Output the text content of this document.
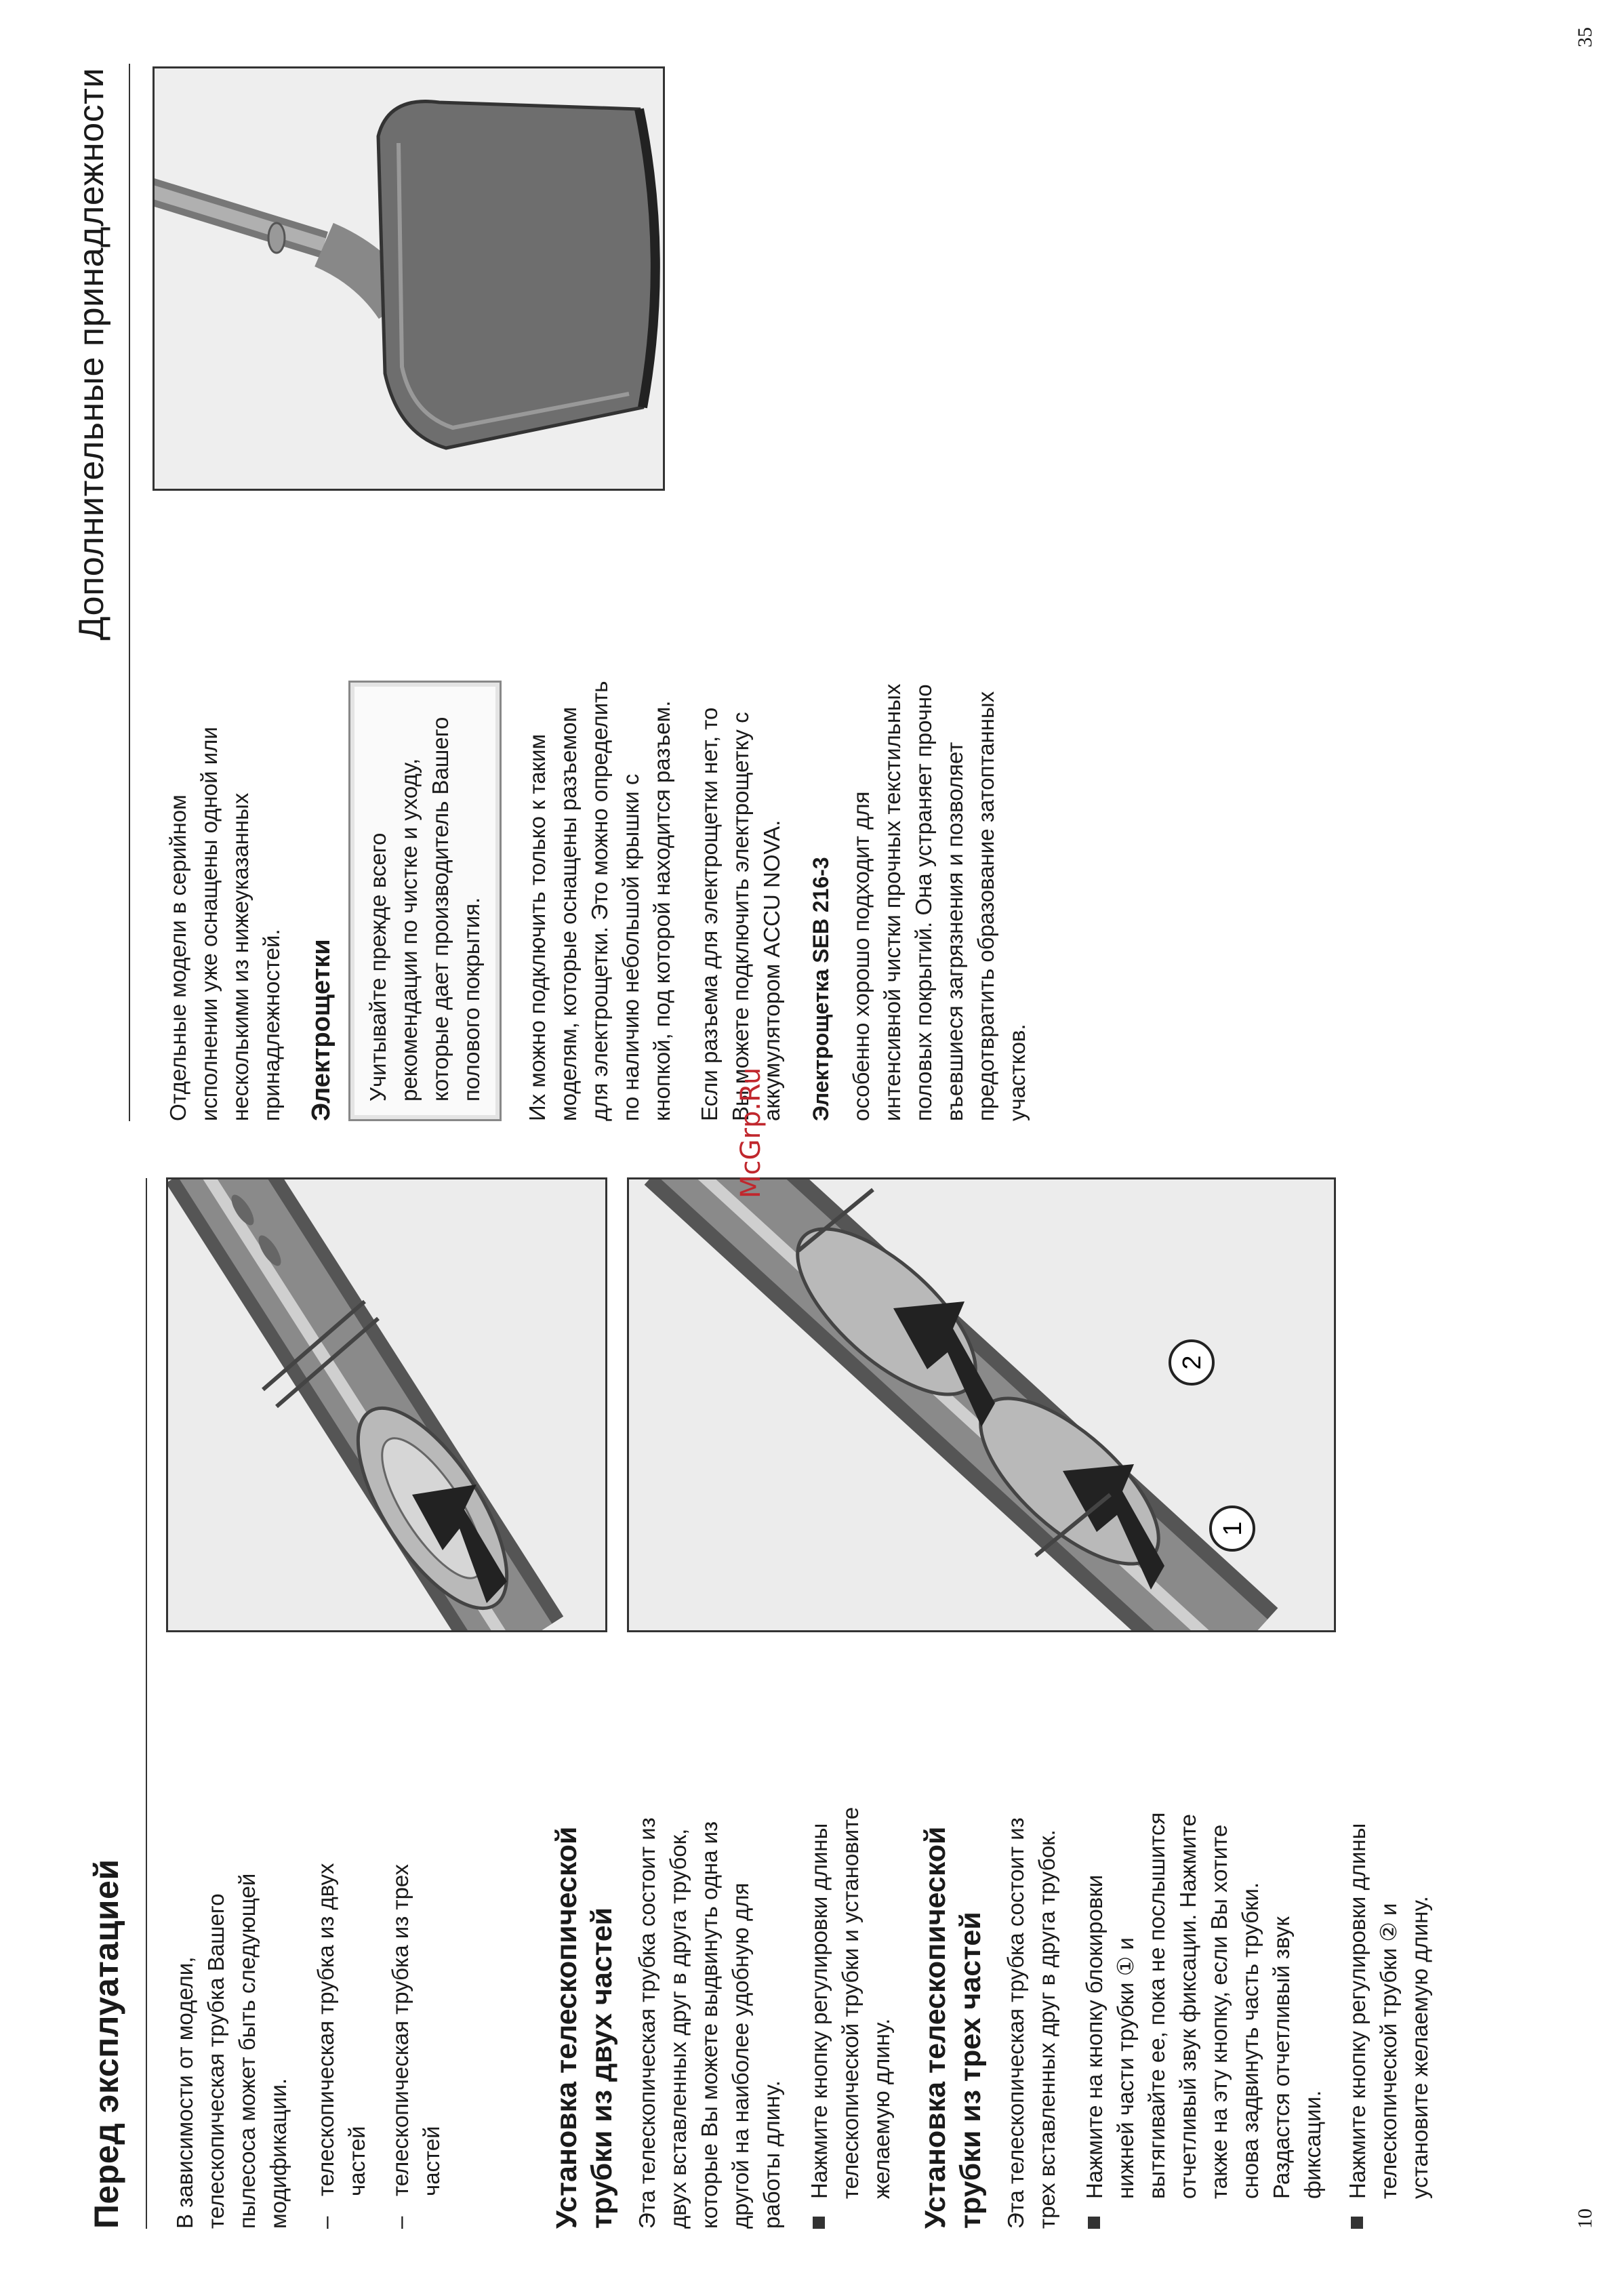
Перед эксплуатацией В зависимости от модели, телескопическая трубка Вашего пылесоса может быть следующей модификации. –
телескопическая трубка из двух частей
–
телескопическая трубка из трех частей	Установка телескопической трубки из двух частей Эта телескопическая трубка состоит из двух вставленных друг в друга трубок, которые Вы можете выдвинуть одна из другой на наиболее удобную для работы длину. Нажмите кнопку регулировки длины телескопической трубки и установите желаемую длину. Установка телескопической трубки из трех частей Эта телескопическая трубка состоит из трех вставленных друг в друга трубок. Нажмите на кнопку блокировки нижней части трубки ① и вытягивайте ее, пока не послышится отчетливый звук фиксации. Нажмите также на эту кнопку, если Вы хотите снова задвинуть часть трубки. Раздастся отчетливый звук фиксации. Нажмите кнопку регулировки длины телескопической трубки ② и установите желаемую длину.
1
2
10
Дополнительные принадлежности

Отдельные модели в серийном исполнении уже оснащены одной или несколькими из нижеуказанных принадлежностей. Электрощетки	Учитывайте прежде всего рекомендации по чистке и уходу, которые дает производитель Вашего полового покрытия.	Их можно подключить только к таким моделям, которые оснащены разъемом для электрощетки. Это можно определить по наличию небольшой крышки с кнопкой, под которой находится разъем. Если разъема для электрощетки нет, то Вы можете подключить электрощетку с аккумулятором ACCU NOVA. Электрощетка SEB 216-3 особенно хорошо подходит для интенсивной чистки прочных текстильных половых покрытий. Она устраняет прочно въевшиеся загрязнения и позволяет предотвратить образование затоптанных участков.

35
McGrp.Ru
